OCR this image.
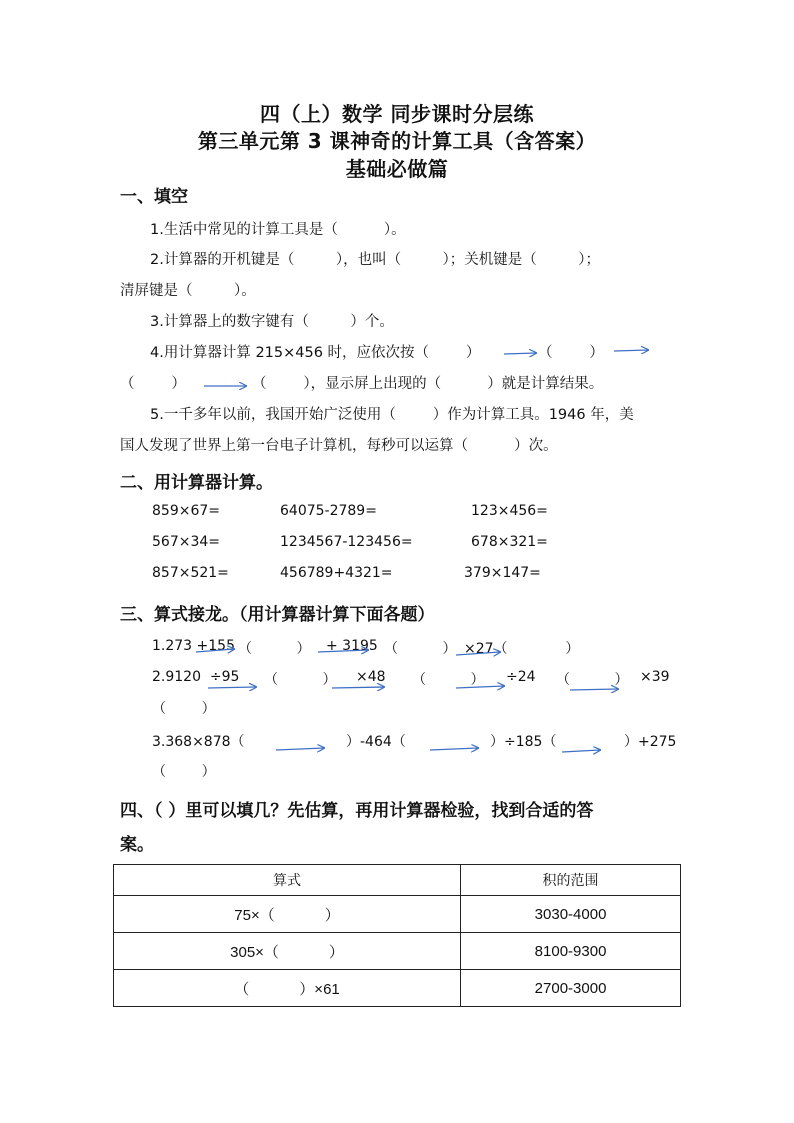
四（上）数学 同步课时分层练
第三单元第 3 课神奇的计算工具（含答案）
基础必做篇
一、填空
1.生活中常见的计算工具是（          ）。
2.计算器的开机键是（         ），也叫（         ）；关机键是（         ）；
清屏键是（         ）。
3.计算器上的数字键有（         ）个。
4.用计算器计算 215×456 时，应依次按（        ）	（        ）
（        ）	（        ），显示屏上出现的（          ）就是计算结果。
5.一千多年以前，我国开始广泛使用（        ）作为计算工具。1946 年，美
国人发现了世界上第一台电子计算机，每秒可以运算（          ）次。
二、用计算器计算。
859×67=	64075-2789=	123×456=
567×34=	1234567-123456=	678×321=
857×521=	456789+4321=	379×147=
三、算式接龙。（用计算器计算下面各题）
1.273 +155 （          ） + 3195 （          ） ×27（             ）
2.9120  ÷95 （          ） ×48 （          ） ÷24 （          ） ×39
（        ）
3.368×878（	）-464（	）÷185（	）+275
（        ）
四、（ ）里可以填几？先估算，再用计算器检验，找到合适的答
案。
算式	积的范围
75×（            ）	3030-4000
305×（            ）	8100-9300
（            ）×61	2700-3000
